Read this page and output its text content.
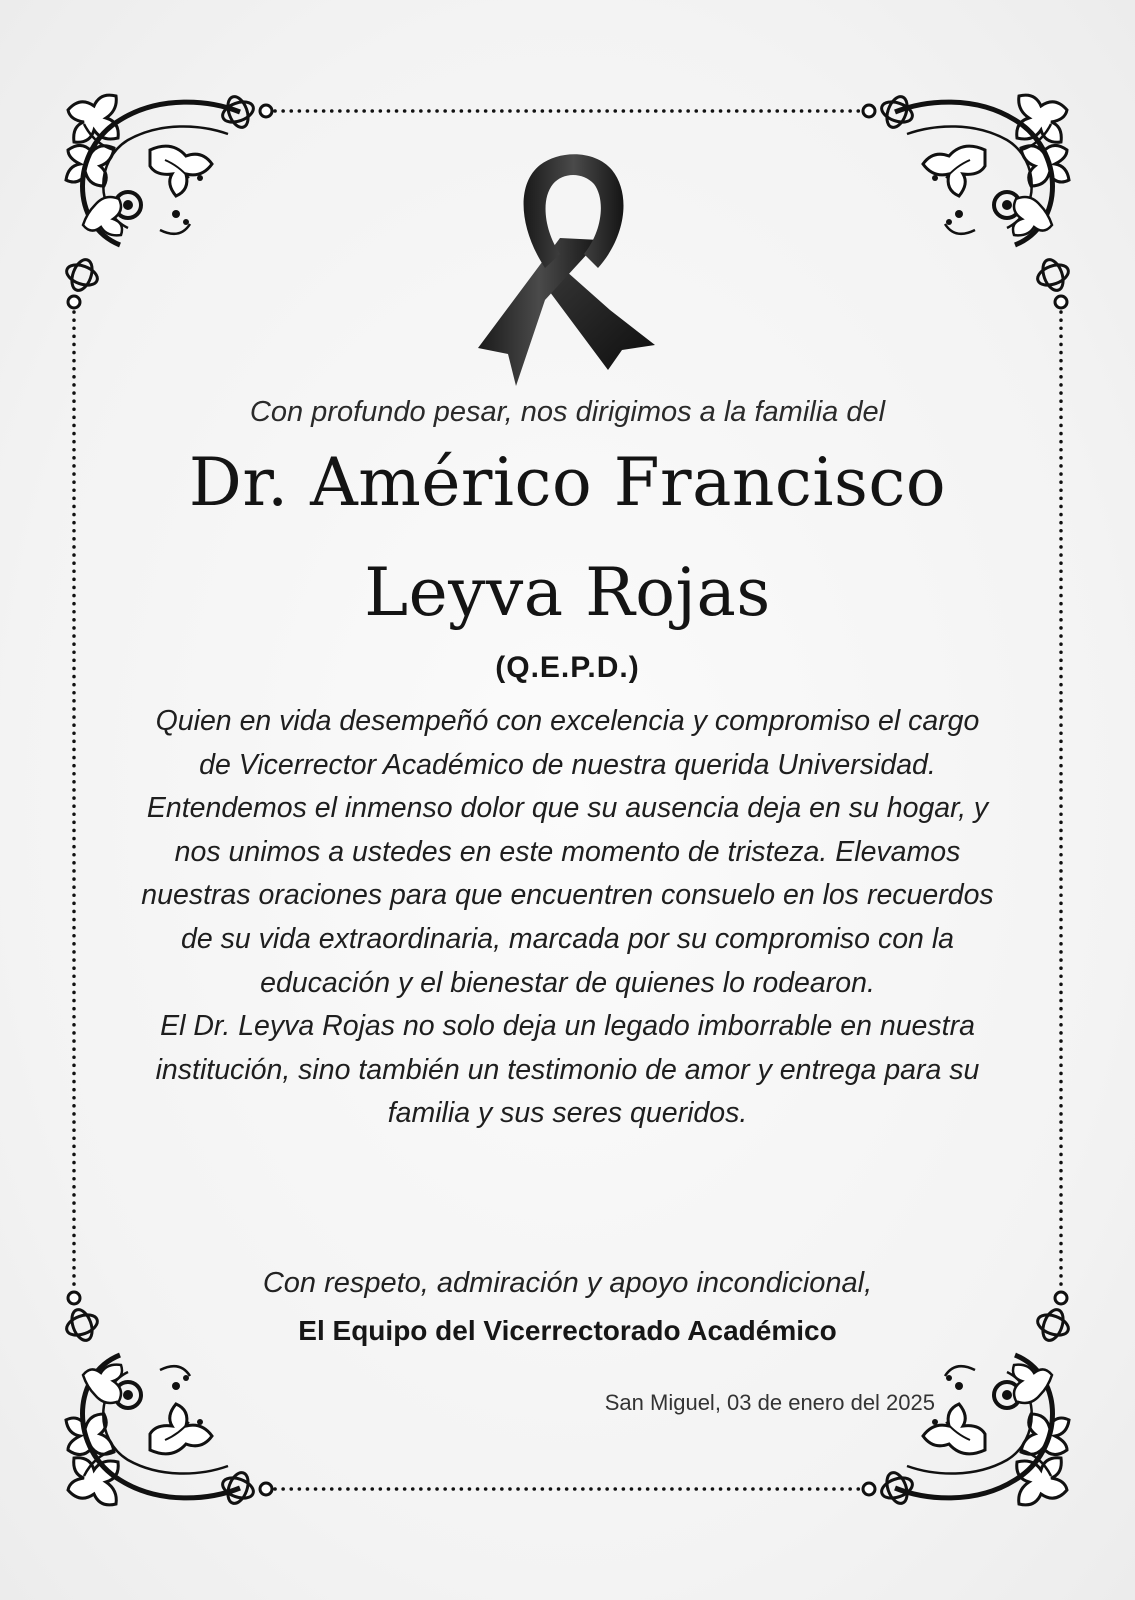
Con profundo pesar, nos dirigimos a la familia del

Dr. Américo Francisco
Leyva Rojas

(Q.E.P.D.)

Quien en vida desempeñó con excelencia y compromiso el cargo de Vicerrector Académico de nuestra querida Universidad.

Entendemos el inmenso dolor que su ausencia deja en su hogar, y nos unimos a ustedes en este momento de tristeza. Elevamos nuestras oraciones para que encuentren consuelo en los recuerdos de su vida extraordinaria, marcada por su compromiso con la educación y el bienestar de quienes lo rodearon.

El Dr. Leyva Rojas no solo deja un legado imborrable en nuestra institución, sino también un testimonio de amor y entrega para su familia y sus seres queridos.

Con respeto, admiración y apoyo incondicional,

El Equipo del Vicerrectorado Académico

San Miguel, 03 de enero del 2025
